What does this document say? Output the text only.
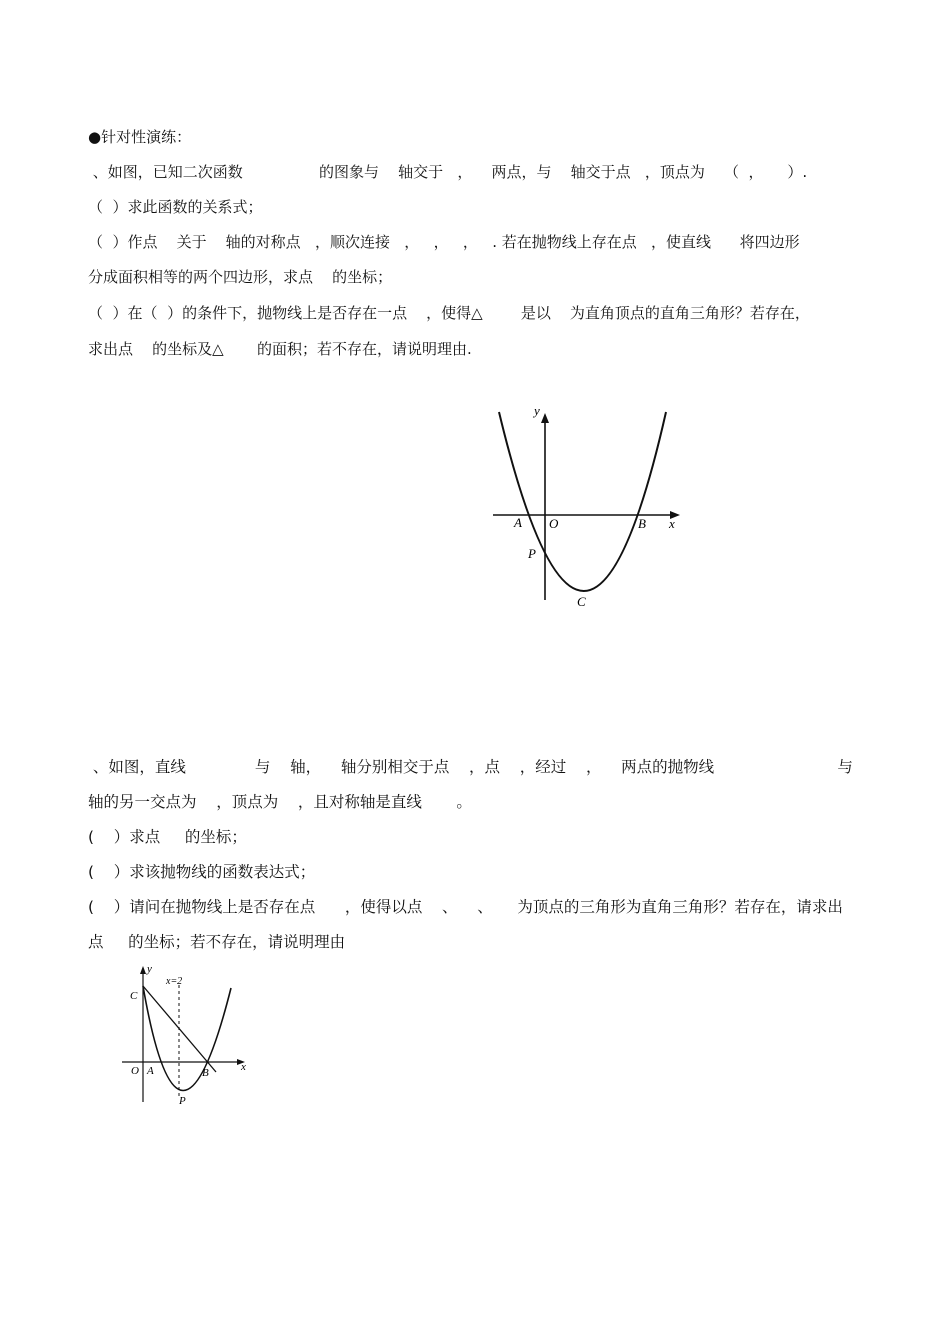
●针对性演练：
、如图，已知二次函数                的图象与    轴交于   ，    两点，与    轴交于点   ，顶点为    （  ，     ）.
（  ）求此函数的关系式；
（  ）作点    关于    轴的对称点   ，顺次连接   ，   ，   ，   . 若在抛物线上存在点   ，使直线      将四边形
分成面积相等的两个四边形，求点    的坐标；
（  ）在（  ）的条件下，抛物线上是否存在一点    ，使得△        是以    为直角顶点的直角三角形？若存在，
求出点    的坐标及△       的面积；若不存在，请说明理由.
y
x
A O	B
P
C
、如图，直线              与    轴，    轴分别相交于点    ，点    ，经过    ，    两点的抛物线                         与
轴的另一交点为    ，顶点为    ，且对称轴是直线       。
(    ）求点     的坐标；
(    ）求该抛物线的函数表达式；
(    ）请问在抛物线上是否存在点      ，使得以点    、    、     为顶点的三角形为直角三角形？若存在，请求出
点     的坐标；若不存在，请说明理由
y
x=2
C
x
O A	B
P
